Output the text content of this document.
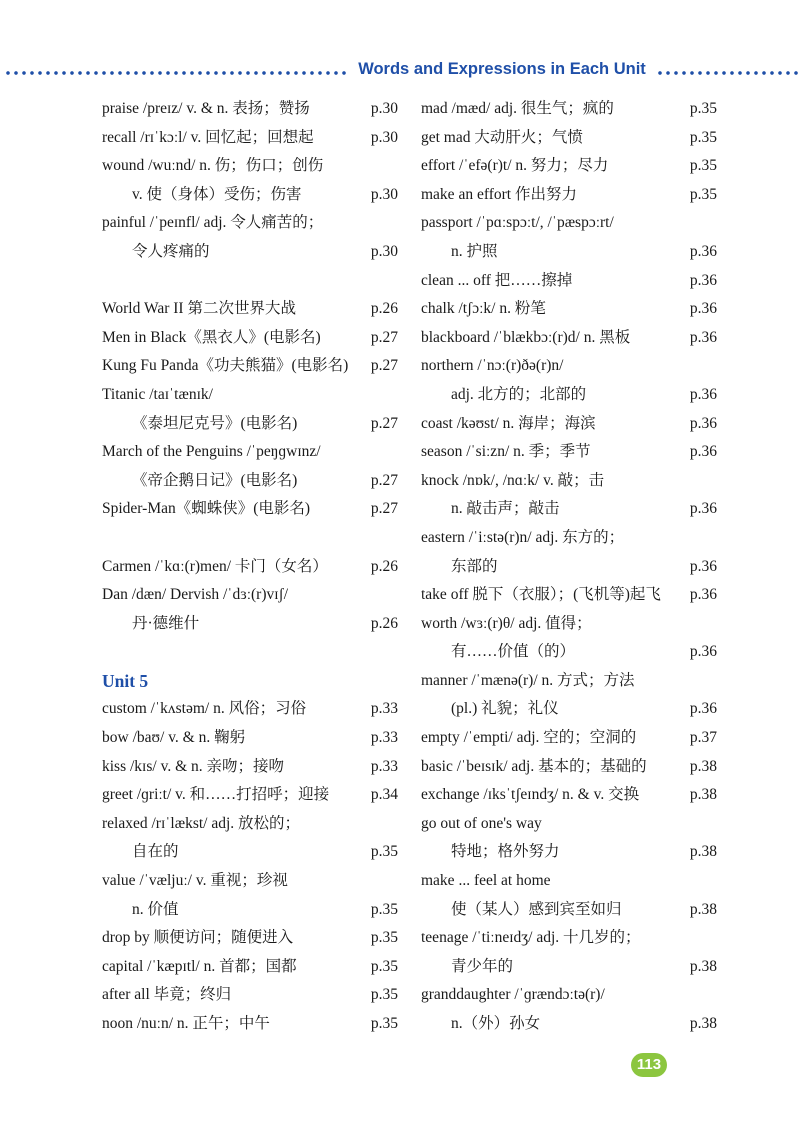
Words and Expressions in Each Unit
praise /preɪz/ v. & n. 表扬；赞扬	p.30
recall /rɪˈkɔːl/ v. 回忆起；回想起	p.30
wound /wuːnd/ n. 伤；伤口；创伤
v. 使（身体）受伤；伤害	p.30
painful /ˈpeɪnfl/ adj. 令人痛苦的；
令人疼痛的	p.30
World War II 第二次世界大战	p.26
Men in Black《黑衣人》(电影名)	p.27
Kung Fu Panda《功夫熊猫》(电影名) p.27
Titanic /taɪˈtænɪk/
《泰坦尼克号》(电影名)	p.27
March of the Penguins /ˈpeŋɡwɪnz/
《帝企鹅日记》(电影名)	p.27
Spider-Man《蜘蛛侠》(电影名)	p.27
Carmen /ˈkɑː(r)men/ 卡门（女名）	p.26
Dan /dæn/ Dervish /ˈdɜː(r)vɪʃ/
丹·德维什	p.26
Unit 5
custom /ˈkʌstəm/ n. 风俗；习俗	p.33
bow /baʊ/ v. & n. 鞠躬	p.33
kiss /kɪs/ v. & n. 亲吻；接吻	p.33
greet /ɡriːt/ v. 和……打招呼；迎接	p.34
relaxed /rɪˈlækst/ adj. 放松的；
自在的	p.35
value /ˈvæljuː/ v. 重视；珍视
n. 价值	p.35
drop by 顺便访问；随便进入	p.35
capital /ˈkæpɪtl/ n. 首都；国都	p.35
after all 毕竟；终归	p.35
noon /nuːn/ n. 正午；中午	p.35
mad /mæd/ adj. 很生气；疯的	p.35
get mad 大动肝火；气愤	p.35
effort /ˈefə(r)t/ n. 努力；尽力	p.35
make an effort 作出努力	p.35
passport /ˈpɑːspɔːt/, /ˈpæspɔːrt/
n. 护照	p.36
clean ... off 把……擦掉	p.36
chalk /tʃɔːk/ n. 粉笔	p.36
blackboard /ˈblækbɔː(r)d/ n. 黑板	p.36
northern /ˈnɔː(r)ðə(r)n/
adj. 北方的；北部的	p.36
coast /kəʊst/ n. 海岸；海滨	p.36
season /ˈsiːzn/ n. 季；季节	p.36
knock /nɒk/, /nɑːk/ v. 敲；击
n. 敲击声；敲击	p.36
eastern /ˈiːstə(r)n/ adj. 东方的；
东部的	p.36
take off 脱下（衣服）；(飞机等)起飞 p.36
worth /wɜː(r)θ/ adj. 值得；
有……价值（的）	p.36
manner /ˈmænə(r)/ n. 方式；方法
(pl.) 礼貌；礼仪	p.36
empty /ˈempti/ adj. 空的；空洞的	p.37
basic /ˈbeɪsɪk/ adj. 基本的；基础的	p.38
exchange /ɪksˈtʃeɪndʒ/ n. & v. 交换	p.38
go out of one's way
特地；格外努力	p.38
make ... feel at home
使（某人）感到宾至如归	p.38
teenage /ˈtiːneɪdʒ/ adj. 十几岁的；
青少年的	p.38
granddaughter /ˈɡrændɔːtə(r)/
n.（外）孙女	p.38
113
